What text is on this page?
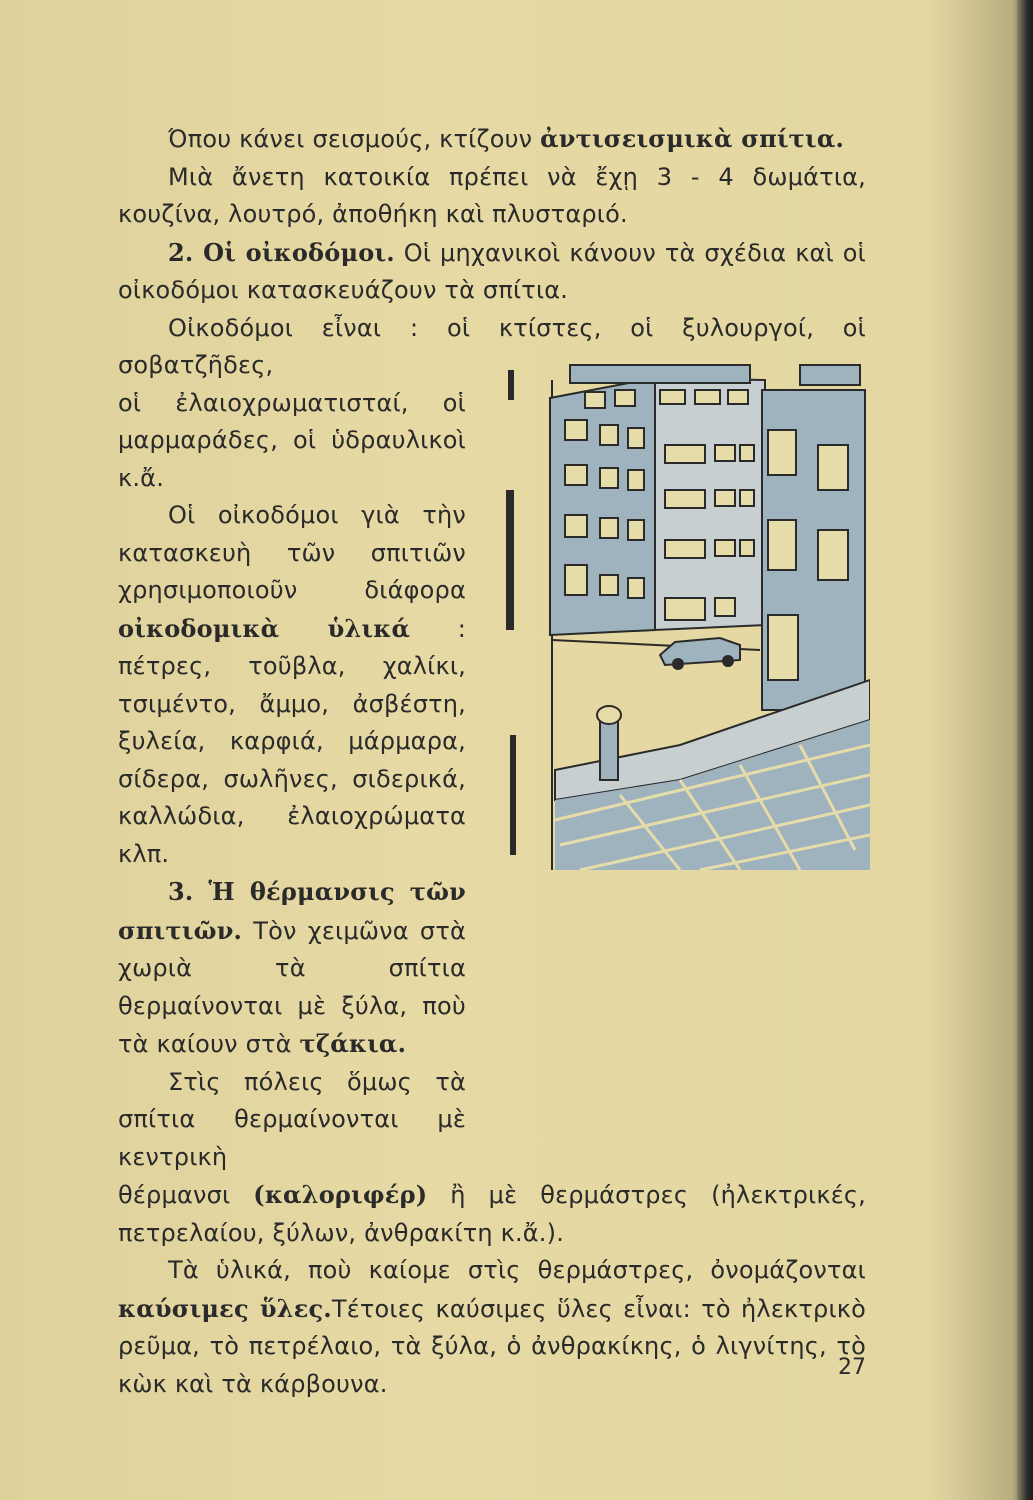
Όπου κάνει σεισμούς, κτίζουν ἀντισεισμικὰ σπίτια.

Μιὰ ἄνετη κατοικία πρέπει νὰ ἔχῃ 3 - 4 δωμάτια, κουζίνα, λουτρό, ἀποθήκη καὶ πλυσταριό.

2. Οἱ οἰκοδόμοι. Οἱ μηχανικοὶ κάνουν τὰ σχέδια καὶ οἱ οἰκοδόμοι κατασκευάζουν τὰ σπίτια.

Οἰκοδόμοι εἶναι : οἱ κτίστες, οἱ ξυλουργοί, οἱ σοβατζῆδες,

οἱ ἐλαιοχρωματισταί, οἱ μαρμαράδες, οἱ ὑδραυλικοὶ κ.ἄ.

Οἱ οἰκοδόμοι γιὰ τὴν κατασκευὴ τῶν σπιτιῶν χρησιμοποιοῦν διάφορα οἰκοδομικὰ ὑλικά : πέτρες, τοῦβλα, χαλίκι, τσιμέντο, ἄμμο, ἀσβέστη, ξυλεία, καρφιά, μάρμαρα, σίδερα, σωλῆνες, σιδερικά, καλλώδια, ἐλαιοχρώματα κλπ.

3. Ἡ θέρμανσις τῶν σπιτιῶν. Τὸν χειμῶνα στὰ χωριὰ τὰ σπίτια θερμαίνονται μὲ ξύλα, ποὺ τὰ καίουν στὰ τζάκια.

Στὶς πόλεις ὅμως τὰ σπίτια θερμαίνονται μὲ κεντρικὴ

θέρμανσι (καλοριφέρ) ἢ μὲ θερμάστρες (ἠλεκτρικές, πετρελαίου, ξύλων, ἀνθρακίτη κ.ἄ.).

Τὰ ὑλικά, ποὺ καίομε στὶς θερμάστρες, ὀνομάζονται καύσιμες ὕλες.Τέτοιες καύσιμες ὕλες εἶναι: τὸ ἠλεκτρικὸ ρεῦμα, τὸ πετρέλαιο, τὰ ξύλα, ὁ ἀνθρακίκης, ὁ λιγνίτης, τὸ κὼκ καὶ τὰ κάρβουνα.

27
